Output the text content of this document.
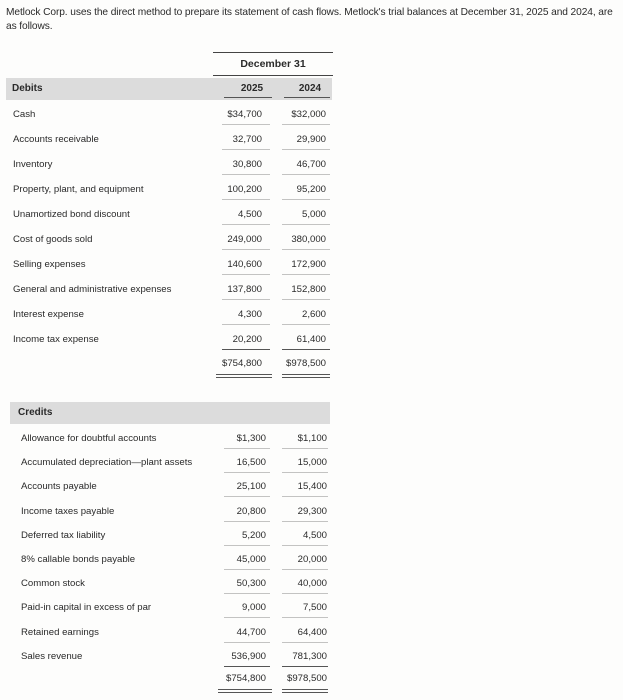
Metlock Corp. uses the direct method to prepare its statement of cash flows. Metlock's trial balances at December 31, 2025 and 2024, are as follows.
December 31
Debits	2025	2024
Cash	$34,700	$32,000
Accounts receivable	32,700	29,900
Inventory	30,800	46,700
Property, plant, and equipment	100,200	95,200
Unamortized bond discount	4,500	5,000
Cost of goods sold	249,000	380,000
Selling expenses	140,600	172,900
General and administrative expenses	137,800	152,800
Interest expense	4,300	2,600
Income tax expense	20,200	61,400
$754,800	$978,500
Credits
Allowance for doubtful accounts	$1,300	$1,100
Accumulated depreciation—plant assets	16,500	15,000
Accounts payable	25,100	15,400
Income taxes payable	20,800	29,300
Deferred tax liability	5,200	4,500
8% callable bonds payable	45,000	20,000
Common stock	50,300	40,000
Paid-in capital in excess of par	9,000	7,500
Retained earnings	44,700	64,400
Sales revenue	536,900	781,300
$754,800	$978,500
